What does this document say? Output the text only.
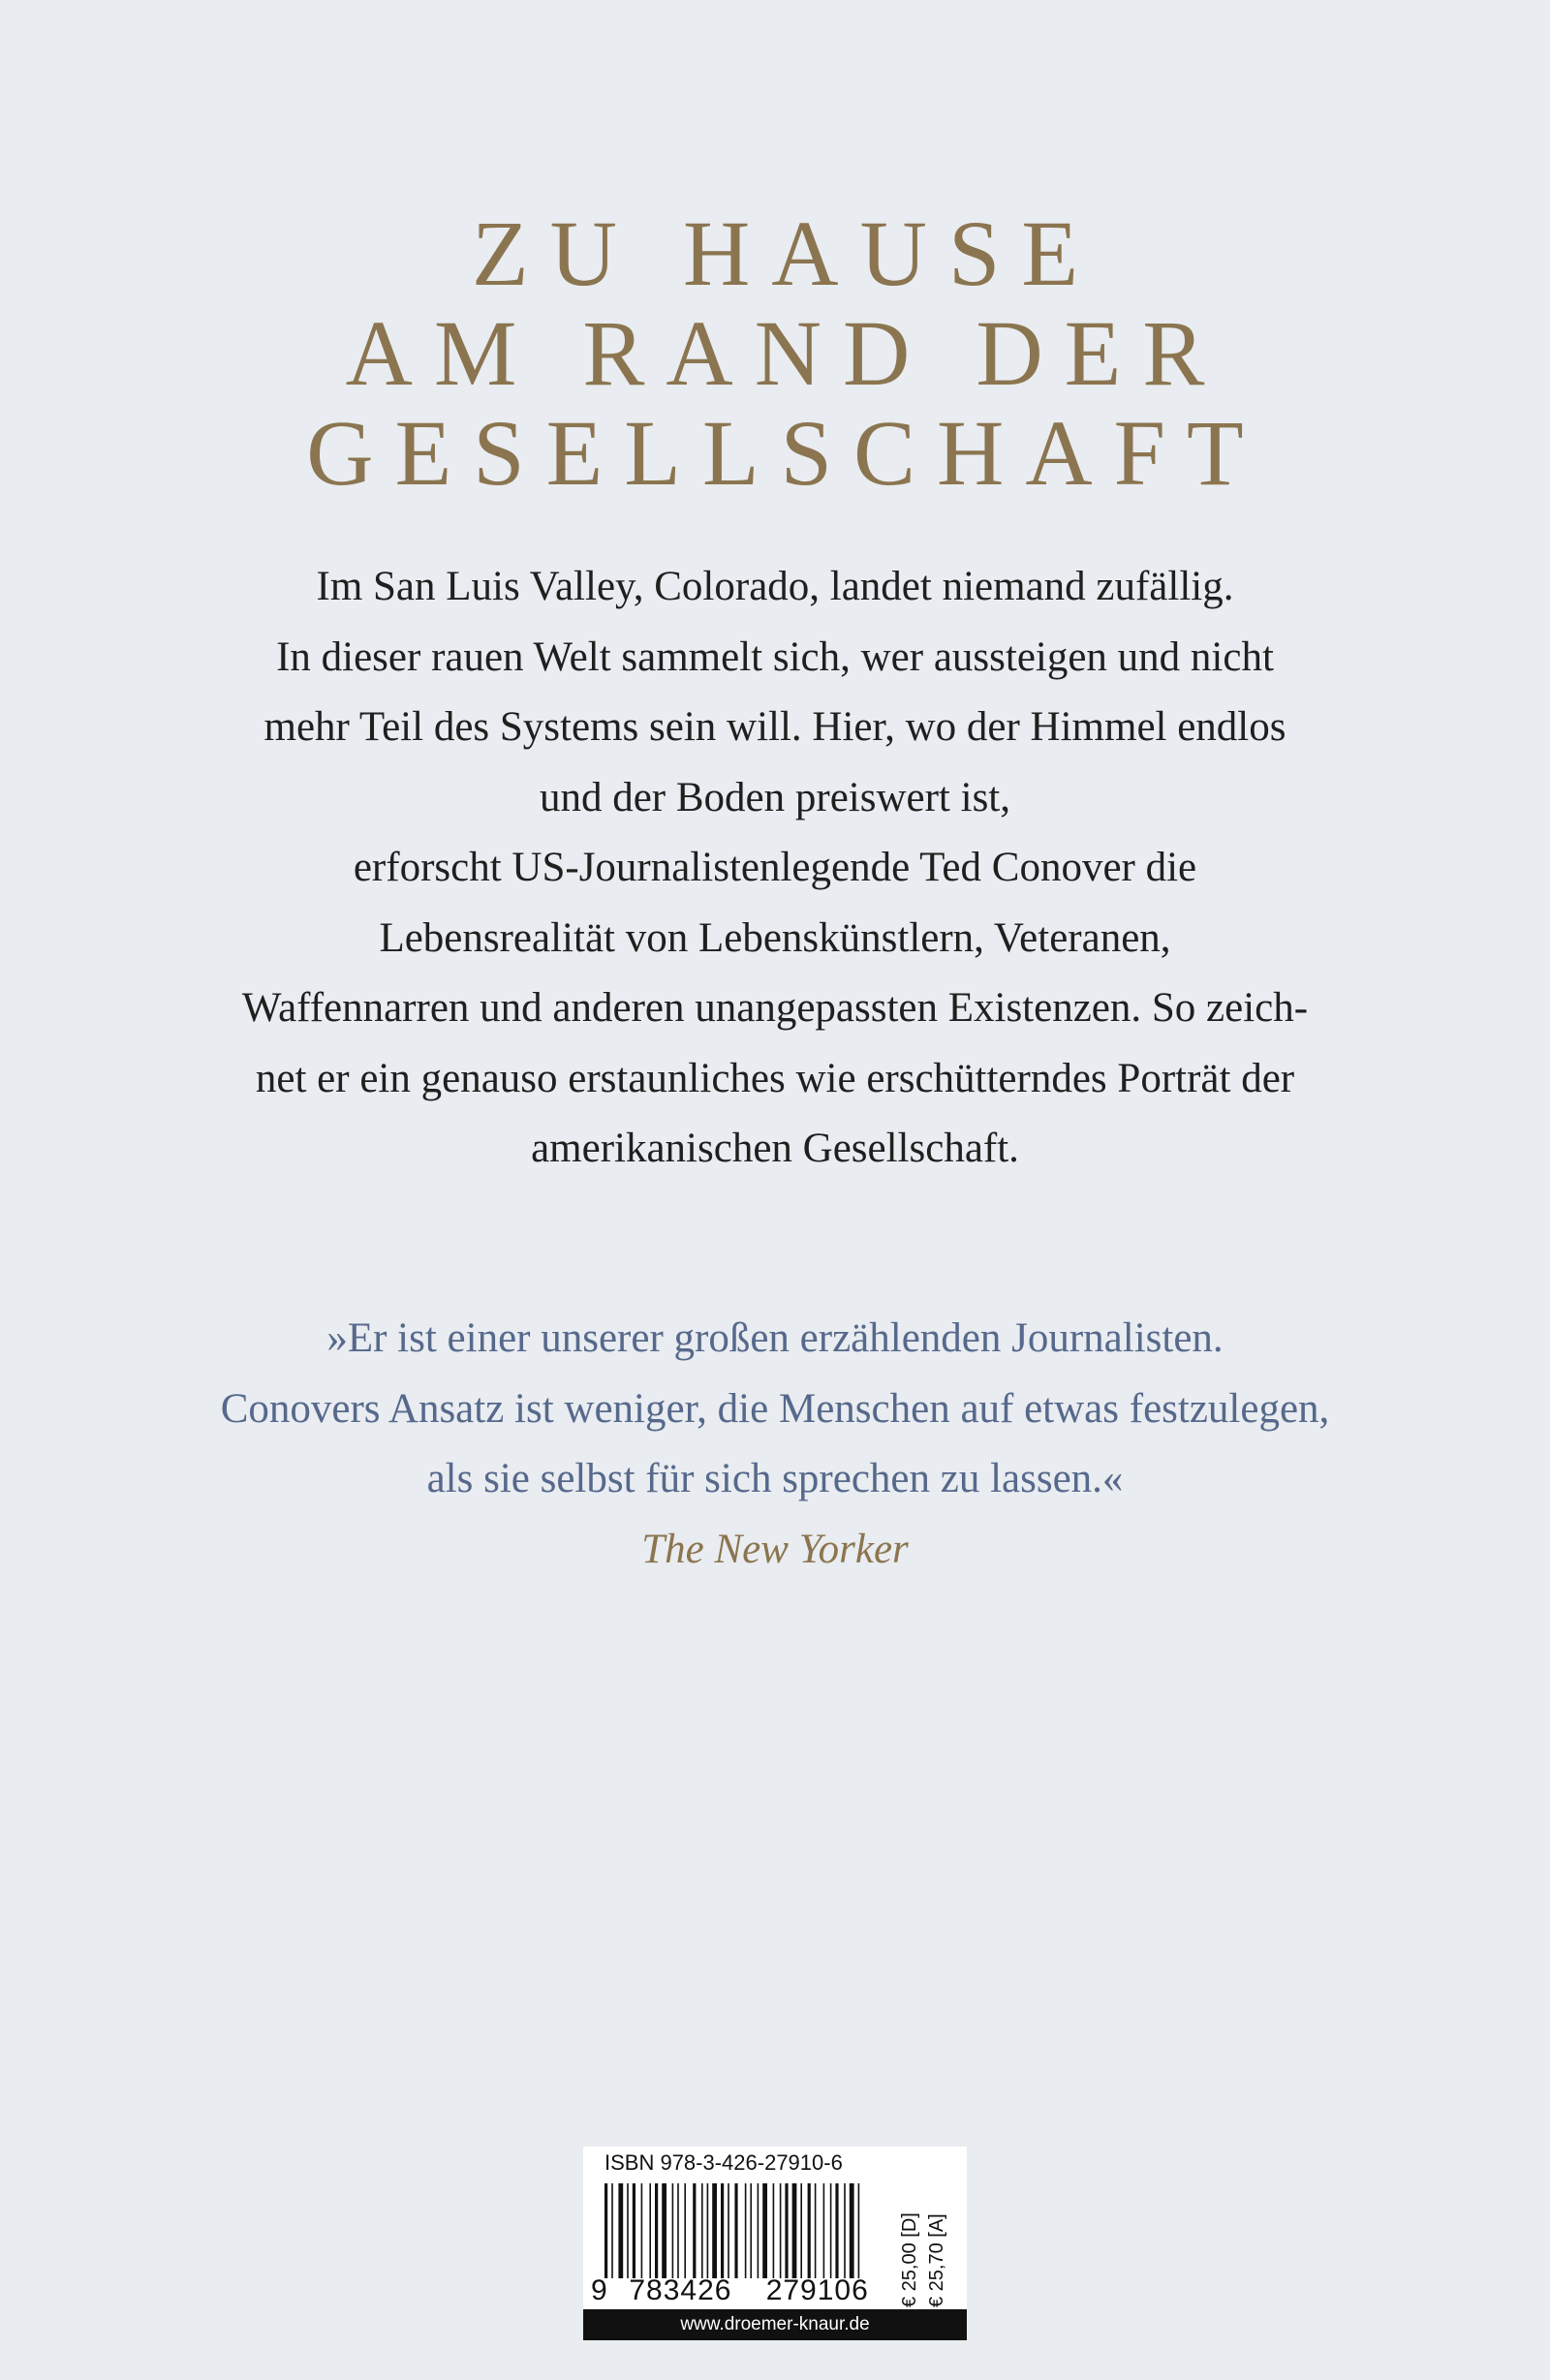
ZU HAUSE
AM RAND DER
GESELLSCHAFT
Im San Luis Valley, Colorado, landet niemand zufällig.
In dieser rauen Welt sammelt sich, wer aussteigen und nicht
mehr Teil des Systems sein will. Hier, wo der Himmel endlos
und der Boden preiswert ist,
erforscht US-Journalistenlegende Ted Conover die
Lebensrealität von Lebenskünstlern, Veteranen,
Waffennarren und anderen unangepassten Existenzen. So zeich-
net er ein genauso erstaunliches wie erschütterndes Porträt der
amerikanischen Gesellschaft.
»Er ist einer unserer großen erzählenden Journalisten.
Conovers Ansatz ist weniger, die Menschen auf etwas festzulegen,
als sie selbst für sich sprechen zu lassen.«
The New Yorker
ISBN 978-3-426-27910-6
9 783426 279106	€ 25,00 [D] € 25,70 [A]
www.droemer-knaur.de
